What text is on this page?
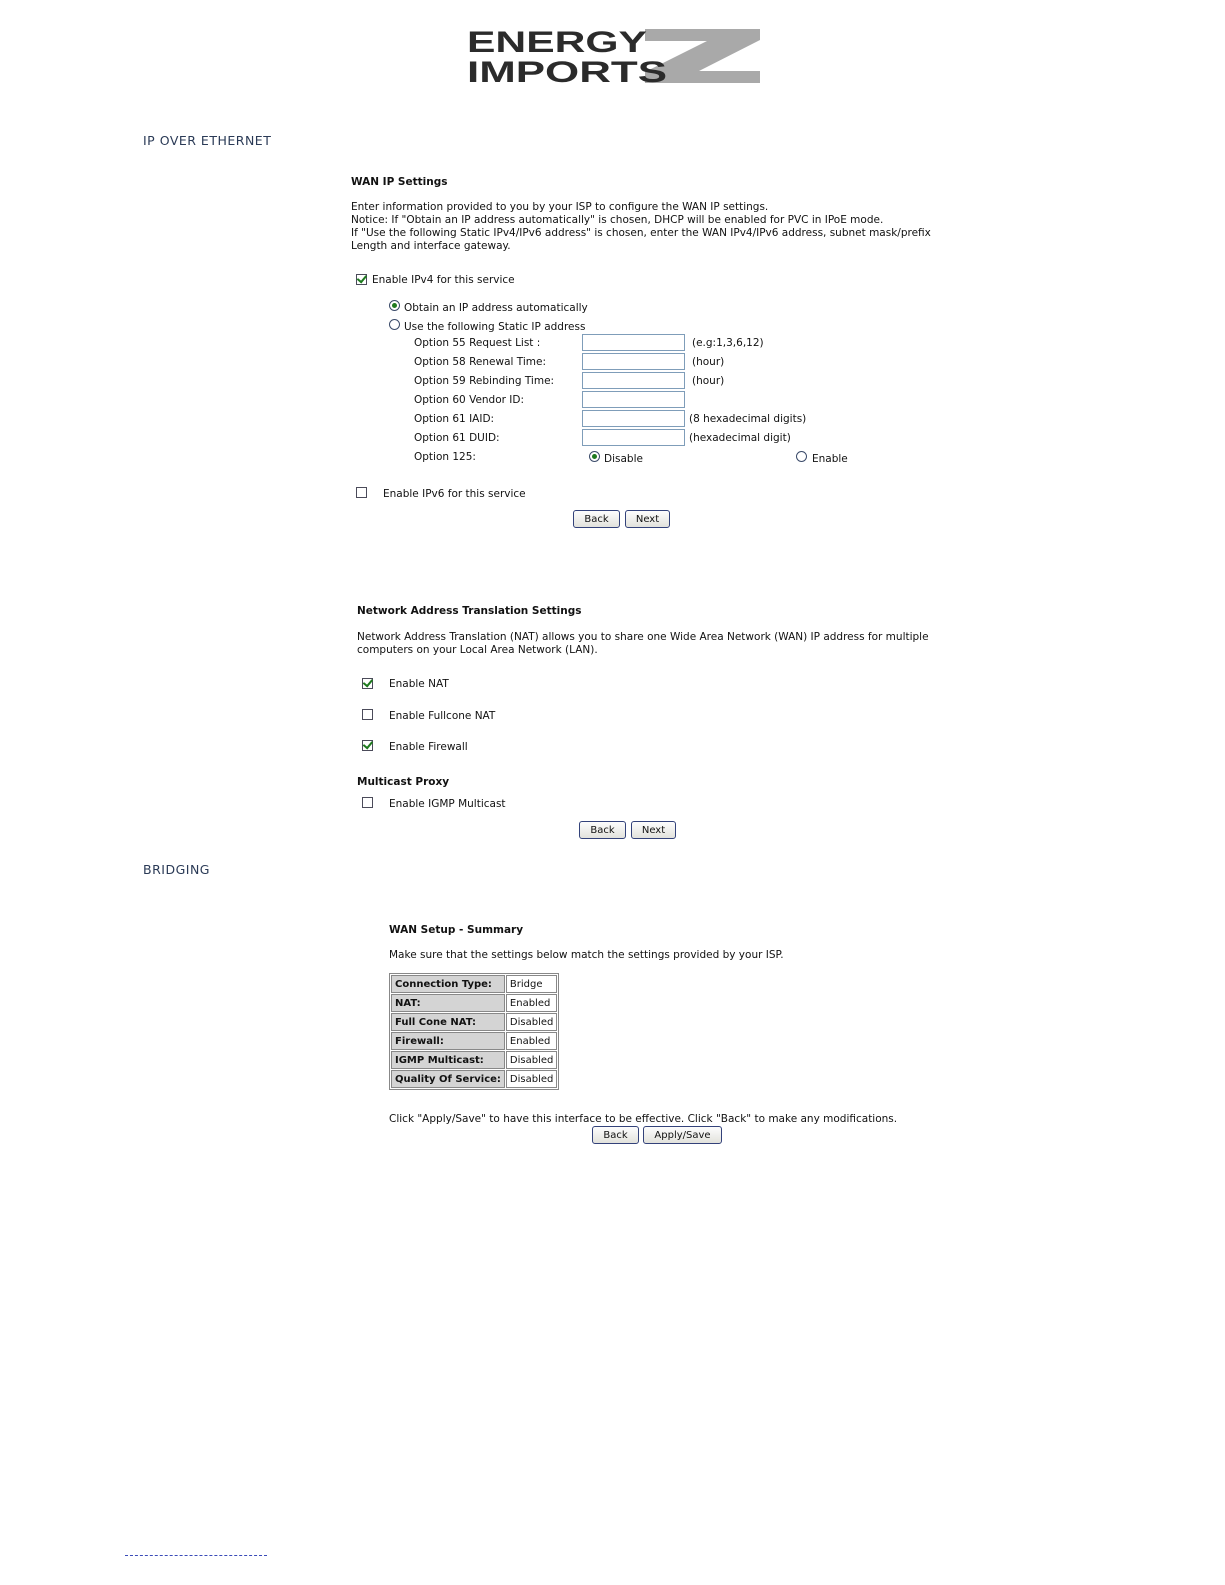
ENERGY
IMPORTS
IP OVER ETHERNET
WAN IP Settings
Enter information provided to you by your ISP to configure the WAN IP settings.
Notice: If "Obtain an IP address automatically" is chosen, DHCP will be enabled for PVC in IPoE mode.
If "Use the following Static IPv4/IPv6 address" is chosen, enter the WAN IPv4/IPv6 address, subnet mask/prefix
Length and interface gateway.
Enable IPv4 for this service
Obtain an IP address automatically
Use the following Static IP address
Option 55 Request List :	(e.g:1,3,6,12)
Option 58 Renewal Time:	(hour)
Option 59 Rebinding Time:	(hour)
Option 60 Vendor ID:
Option 61 IAID:	(8 hexadecimal digits)
Option 61 DUID:	(hexadecimal digit)
Option 125:	Disable	Enable
Enable IPv6 for this service
Back	Next
Network Address Translation Settings
Network Address Translation (NAT) allows you to share one Wide Area Network (WAN) IP address for multiple
computers on your Local Area Network (LAN).
Enable NAT
Enable Fullcone NAT
Enable Firewall
Multicast Proxy
Enable IGMP Multicast
Back	Next
BRIDGING
WAN Setup - Summary
Make sure that the settings below match the settings provided by your ISP.
Connection Type:	Bridge
NAT:	Enabled
Full Cone NAT:	Disabled
Firewall:	Enabled
IGMP Multicast:	Disabled
Quality Of Service:	Disabled
Click "Apply/Save" to have this interface to be effective. Click "Back" to make any modifications.
Back	Apply/Save
